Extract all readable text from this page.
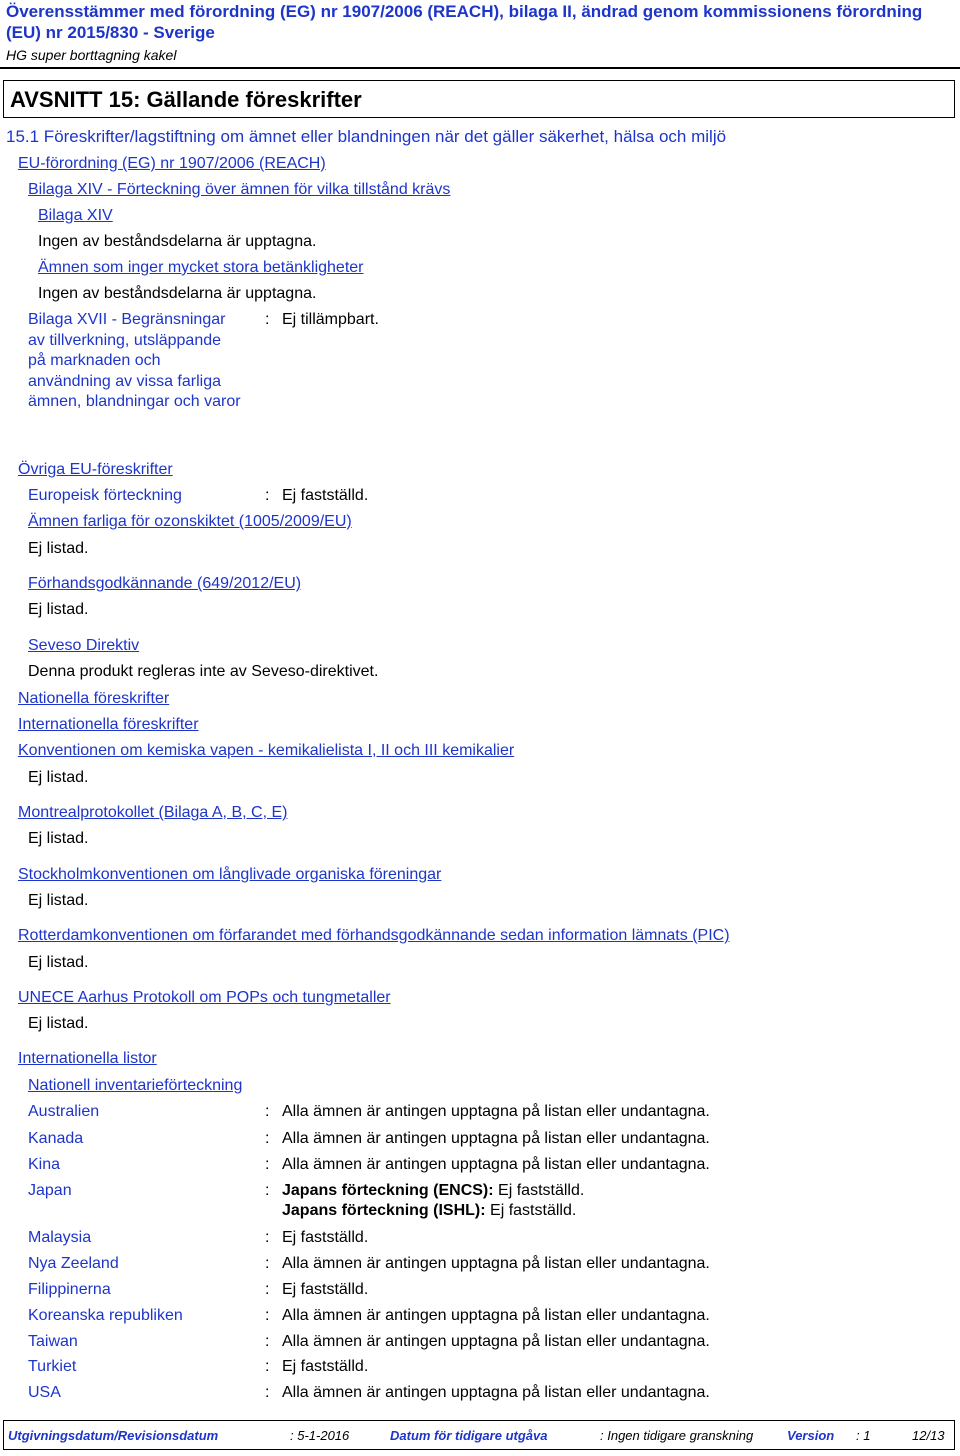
Överensstämmer med förordning (EG) nr 1907/2006 (REACH), bilaga II, ändrad genom kommissionens förordning
(EU) nr 2015/830 - Sverige
HG super borttagning kakel
AVSNITT 15: Gällande föreskrifter
15.1 Föreskrifter/lagstiftning om ämnet eller blandningen när det gäller säkerhet, hälsa och miljö
EU-förordning (EG) nr 1907/2006 (REACH)
Bilaga XIV - Förteckning över ämnen för vilka tillstånd krävs
Bilaga XIV
Ingen av beståndsdelarna är upptagna.
Ämnen som inger mycket stora betänkligheter
Ingen av beståndsdelarna är upptagna.
Bilaga XVII - Begränsningar av tillverkning, utsläppande på marknaden och användning av vissa farliga ämnen, blandningar och varor
: Ej tillämpbart.
Övriga EU-föreskrifter
Europeisk förteckning	: Ej fastställd.
Ämnen farliga för ozonskiktet (1005/2009/EU)
Ej listad.
Förhandsgodkännande (649/2012/EU)
Ej listad.
Seveso Direktiv
Denna produkt regleras inte av Seveso-direktivet.
Nationella föreskrifter
Internationella föreskrifter
Konventionen om kemiska vapen - kemikalielista I, II och III kemikalier
Ej listad.
Montrealprotokollet (Bilaga A, B, C, E)
Ej listad.
Stockholmkonventionen om långlivade organiska föreningar
Ej listad.
Rotterdamkonventionen om förfarandet med förhandsgodkännande sedan information lämnats (PIC)
Ej listad.
UNECE Aarhus Protokoll om POPs och tungmetaller
Ej listad.
Internationella listor
Nationell inventarieförteckning
Australien	: Alla ämnen är antingen upptagna på listan eller undantagna.
Kanada	: Alla ämnen är antingen upptagna på listan eller undantagna.
Kina	: Alla ämnen är antingen upptagna på listan eller undantagna.
Japan	: Japans förteckning (ENCS): Ej fastställd.
Japans förteckning (ISHL): Ej fastställd.
Malaysia	: Ej fastställd.
Nya Zeeland	: Alla ämnen är antingen upptagna på listan eller undantagna.
Filippinerna	: Ej fastställd.
Koreanska republiken	: Alla ämnen är antingen upptagna på listan eller undantagna.
Taiwan	: Alla ämnen är antingen upptagna på listan eller undantagna.
Turkiet	: Ej fastställd.
USA	: Alla ämnen är antingen upptagna på listan eller undantagna.
Utgivningsdatum/Revisionsdatum	: 5-1-2016	Datum för tidigare utgåva	: Ingen tidigare granskning	Version : 1	12/13
